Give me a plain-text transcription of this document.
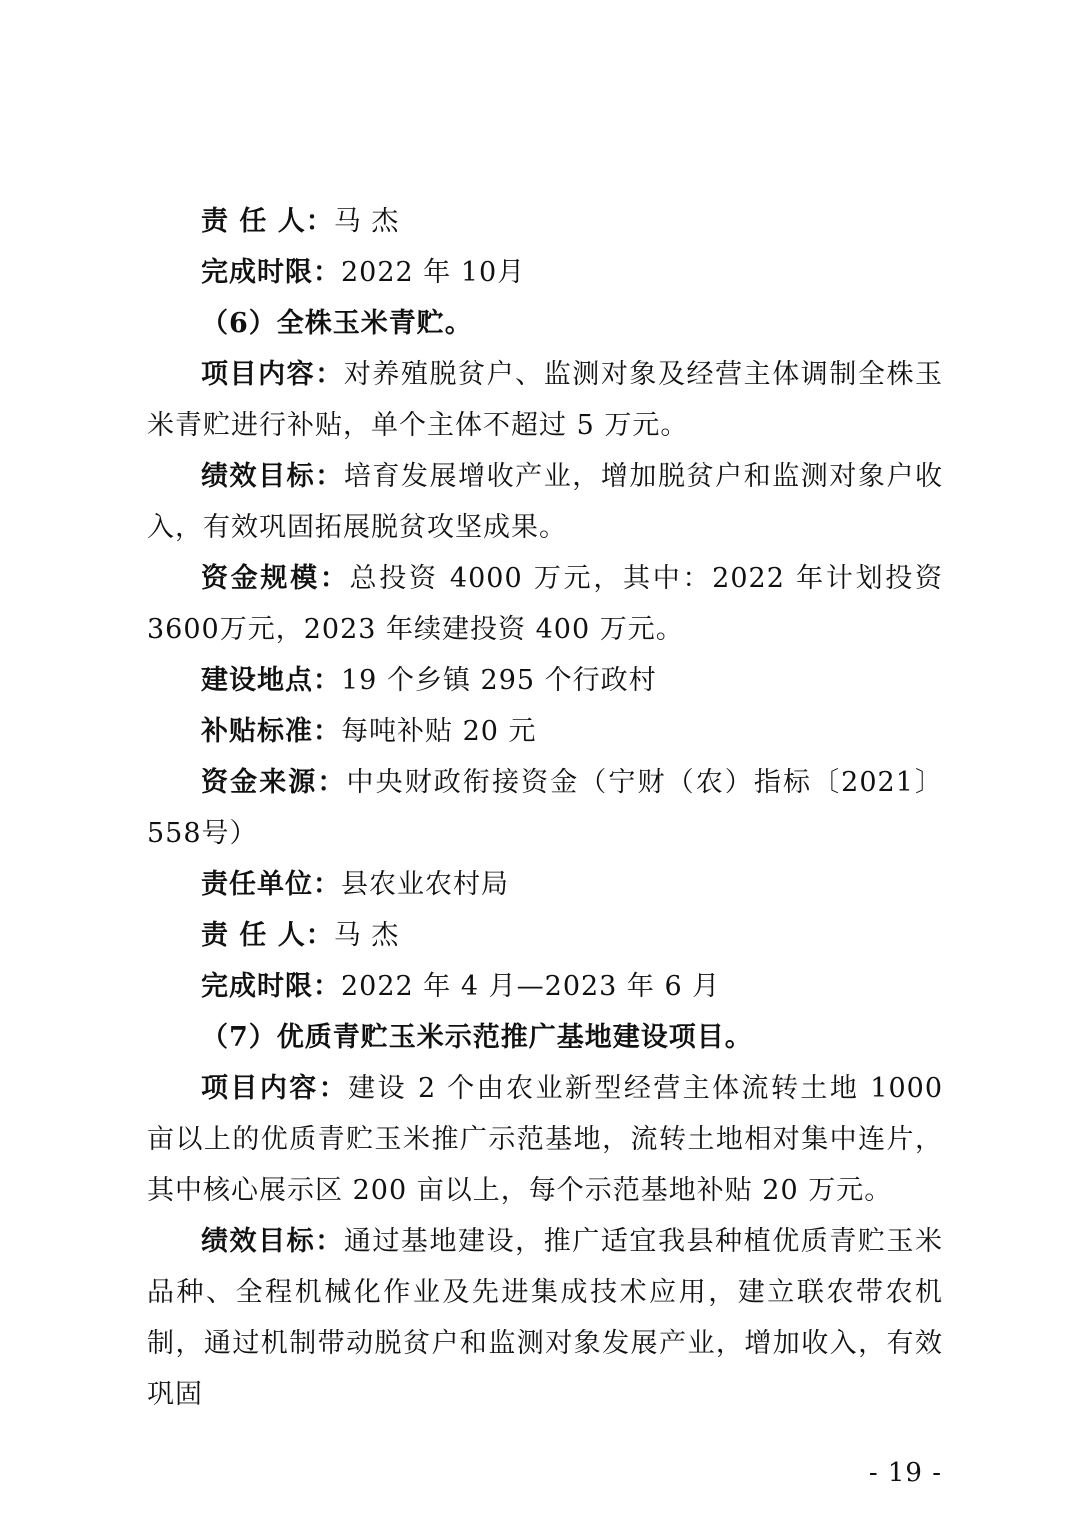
责 任 人：马 杰

完成时限：2022 年 10月

（6）全株玉米青贮。

项目内容：对养殖脱贫户、监测对象及经营主体调制全株玉米青贮进行补贴，单个主体不超过 5 万元。

绩效目标：培育发展增收产业，增加脱贫户和监测对象户收入，有效巩固拓展脱贫攻坚成果。

资金规模：总投资 4000 万元，其中：2022 年计划投资 3600万元，2023 年续建投资 400 万元。

建设地点：19 个乡镇 295 个行政村

补贴标准：每吨补贴 20 元

资金来源：中央财政衔接资金（宁财（农）指标〔2021〕558号）

责任单位：县农业农村局

责 任 人：马 杰

完成时限：2022 年 4 月—2023 年 6 月

（7）优质青贮玉米示范推广基地建设项目。

项目内容：建设 2 个由农业新型经营主体流转土地 1000 亩以上的优质青贮玉米推广示范基地，流转土地相对集中连片，其中核心展示区 200 亩以上，每个示范基地补贴 20 万元。

绩效目标：通过基地建设，推广适宜我县种植优质青贮玉米品种、全程机械化作业及先进集成技术应用，建立联农带农机制，通过机制带动脱贫户和监测对象发展产业，增加收入，有效巩固

- 19 -
